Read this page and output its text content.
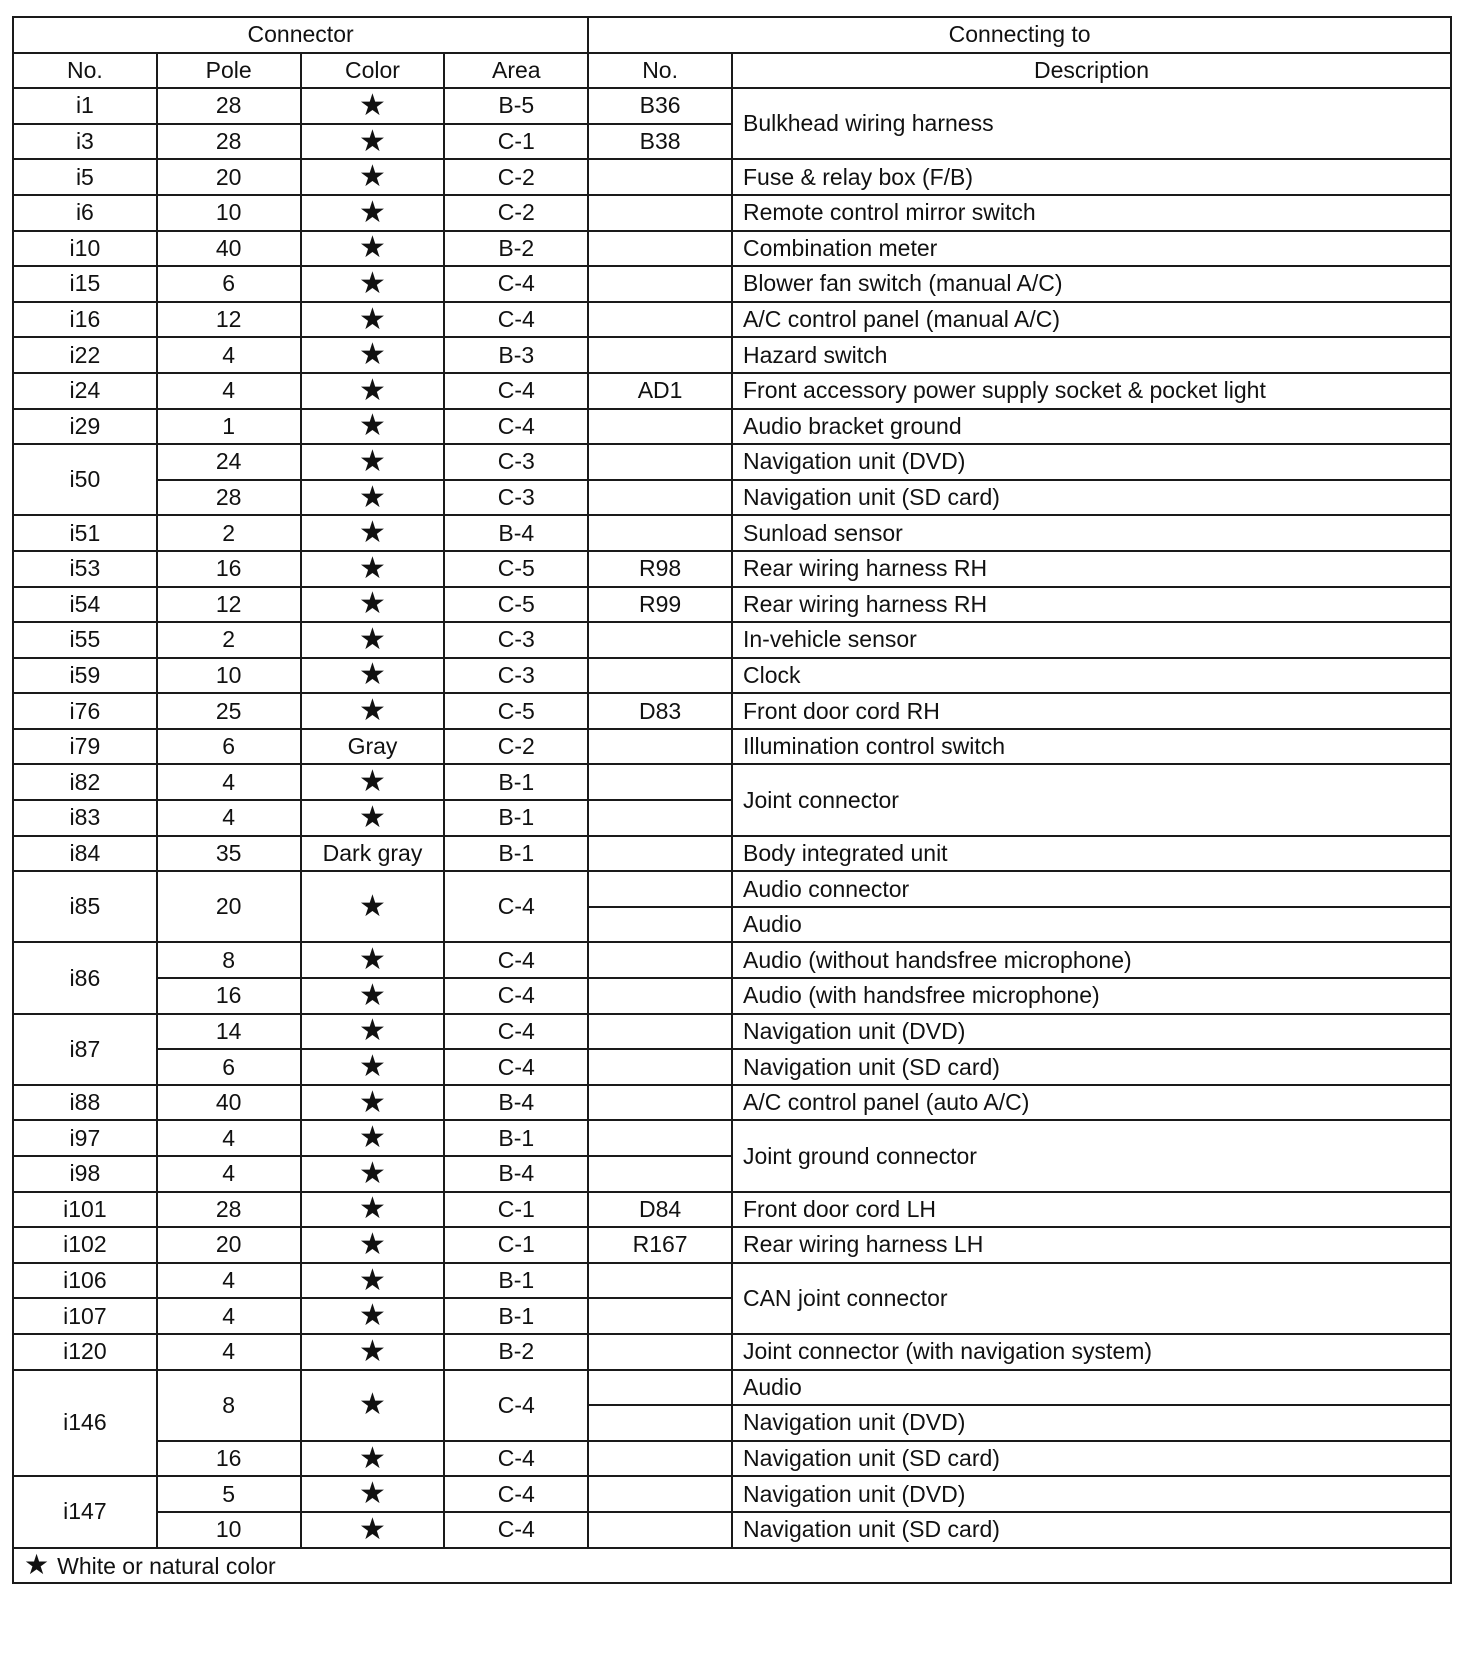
Connector				Connecting to	
No.	Pole	Color	Area	No.	Description
i1	28	★	B-5	B36	Bulkhead wiring harness
i3	28	★	C-1	B38	
i5	20	★	C-2		Fuse & relay box (F/B)
i6	10	★	C-2		Remote control mirror switch
i10	40	★	B-2		Combination meter
i15	6	★	C-4		Blower fan switch (manual A/C)
i16	12	★	C-4		A/C control panel (manual A/C)
i22	4	★	B-3		Hazard switch
i24	4	★	C-4	AD1	Front accessory power supply socket & pocket light
i29	1	★	C-4		Audio bracket ground
i50	24	★	C-3		Navigation unit (DVD)
	28	★	C-3		Navigation unit (SD card)
i51	2	★	B-4		Sunload sensor
i53	16	★	C-5	R98	Rear wiring harness RH
i54	12	★	C-5	R99	Rear wiring harness RH
i55	2	★	C-3		In-vehicle sensor
i59	10	★	C-3		Clock
i76	25	★	C-5	D83	Front door cord RH
i79	6	Gray	C-2		Illumination control switch
i82	4	★	B-1		Joint connector
i83	4	★	B-1		
i84	35	Dark gray	B-1		Body integrated unit
i85	20	★	C-4		Audio connector
					Audio
i86	8	★	C-4		Audio (without handsfree microphone)
	16	★	C-4		Audio (with handsfree microphone)
i87	14	★	C-4		Navigation unit (DVD)
	6	★	C-4		Navigation unit (SD card)
i88	40	★	B-4		A/C control panel (auto A/C)
i97	4	★	B-1		Joint ground connector
i98	4	★	B-4		
i101	28	★	C-1	D84	Front door cord LH
i102	20	★	C-1	R167	Rear wiring harness LH
i106	4	★	B-1		CAN joint connector
i107	4	★	B-1		
i120	4	★	B-2		Joint connector (with navigation system)
i146	8	★	C-4		Audio
					Navigation unit (DVD)
	16	★	C-4		Navigation unit (SD card)
i147	5	★	C-4		Navigation unit (DVD)
	10	★	C-4		Navigation unit (SD card)
★ White or natural color					
